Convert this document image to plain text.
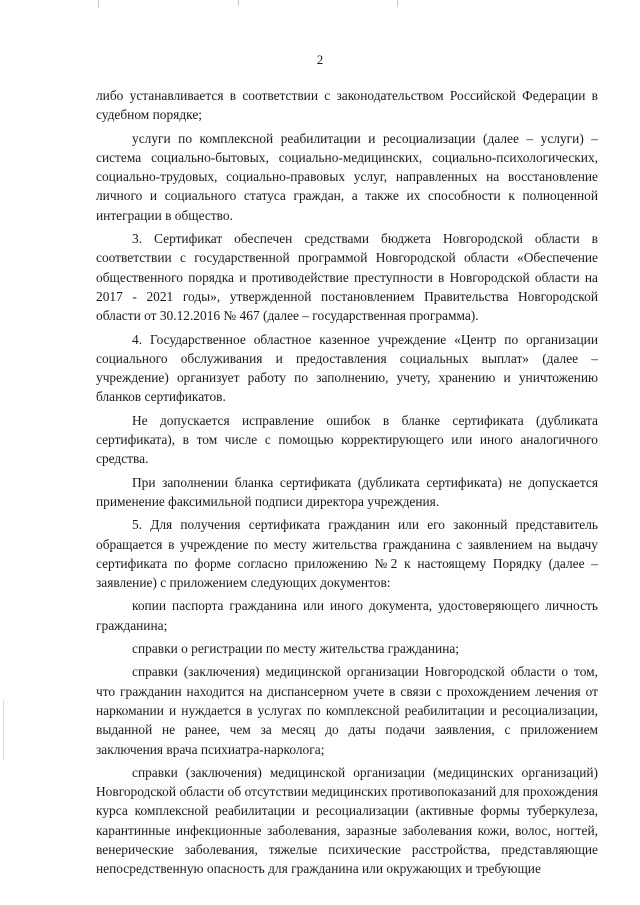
2

либо устанавливается в соответствии с законодательством Российской Федерации в судебном порядке;

услуги по комплексной реабилитации и ресоциализации (далее – услуги) – система социально-бытовых, социально-медицинских, социально-психологических, социально-трудовых, социально-правовых услуг, направленных на восстановление личного и социального статуса граждан, а также их способности к полноценной интеграции в общество.

3. Сертификат обеспечен средствами бюджета Новгородской области в соответствии с государственной программой Новгородской области «Обеспечение общественного порядка и противодействие преступности в Новгородской области на 2017 - 2021 годы», утвержденной постановлением Правительства Новгородской области от 30.12.2016 № 467 (далее – государственная программа).

4. Государственное областное казенное учреждение «Центр по организации социального обслуживания и предоставления социальных выплат» (далее – учреждение) организует работу по заполнению, учету, хранению и уничтожению бланков сертификатов.

Не допускается исправление ошибок в бланке сертификата (дубликата сертификата), в том числе с помощью корректирующего или иного аналогичного средства.

При заполнении бланка сертификата (дубликата сертификата) не допускается применение факсимильной подписи директора учреждения.

5. Для получения сертификата гражданин или его законный представитель обращается в учреждение по месту жительства гражданина с заявлением на выдачу сертификата по форме согласно приложению №2 к настоящему Порядку (далее – заявление) с приложением следующих документов:

копии паспорта гражданина или иного документа, удостоверяющего личность гражданина;

справки о регистрации по месту жительства гражданина;

справки (заключения) медицинской организации Новгородской области о том, что гражданин находится на диспансерном учете в связи с прохождением лечения от наркомании и нуждается в услугах по комплексной реабилитации и ресоциализации, выданной не ранее, чем за месяц до даты подачи заявления, с приложением заключения врача психиатра-нарколога;

справки (заключения) медицинской организации (медицинских организаций) Новгородской области об отсутствии медицинских противопоказаний для прохождения курса комплексной реабилитации и ресоциализации (активные формы туберкулеза, карантинные инфекционные заболевания, заразные заболевания кожи, волос, ногтей, венерические заболевания, тяжелые психические расстройства, представляющие непосредственную опасность для гражданина или окружающих и требующие
